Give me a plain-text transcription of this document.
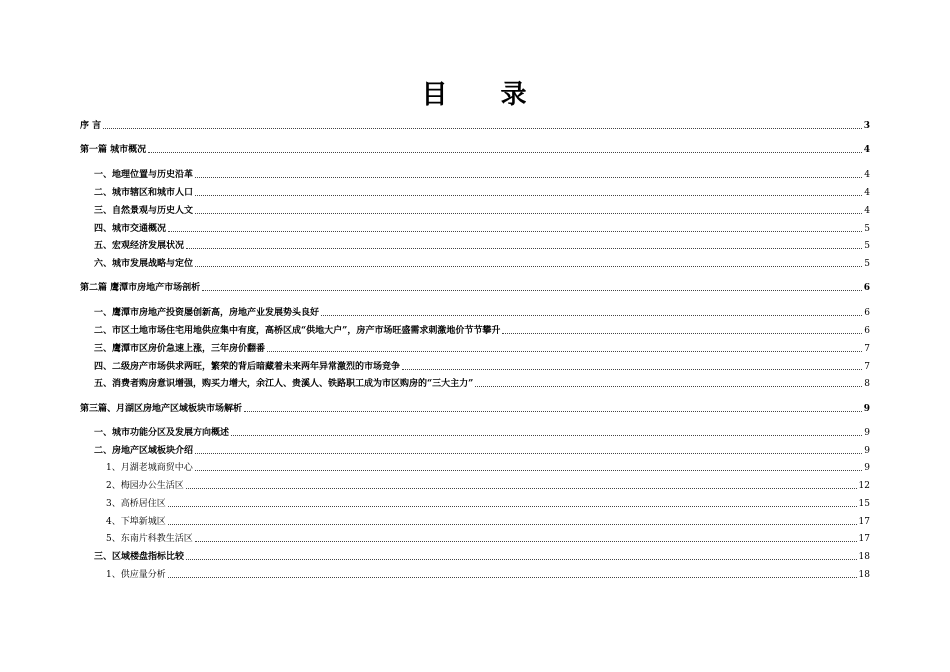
目 录
序 言	3
第一篇 城市概况	4
一、地理位置与历史沿革	4
二、城市辖区和城市人口	4
三、自然景观与历史人文	4
四、城市交通概况	5
五、宏观经济发展状况	5
六、城市发展战略与定位	5
第二篇 鹰潭市房地产市场剖析	6
一、鹰潭市房地产投资屡创新高，房地产业发展势头良好	6
二、市区土地市场住宅用地供应集中有度，高桥区成“供地大户”，房产市场旺盛需求刺激地价节节攀升	6
三、鹰潭市区房价急速上涨，三年房价翻番	7
四、二级房产市场供求两旺，繁荣的背后暗藏着未来两年异常激烈的市场竞争	7
五、消费者购房意识增强，购买力增大，余江人、贵溪人、铁路职工成为市区购房的“三大主力”	8
第三篇、月湖区房地产区域板块市场解析	9
一、城市功能分区及发展方向概述	9
二、房地产区域板块介绍	9
1、月湖老城商贸中心	9
2、梅园办公生活区	12
3、高桥居住区	15
4、下埠新城区	17
5、东南片科教生活区	17
三、区域楼盘指标比较	18
1、供应量分析	18
